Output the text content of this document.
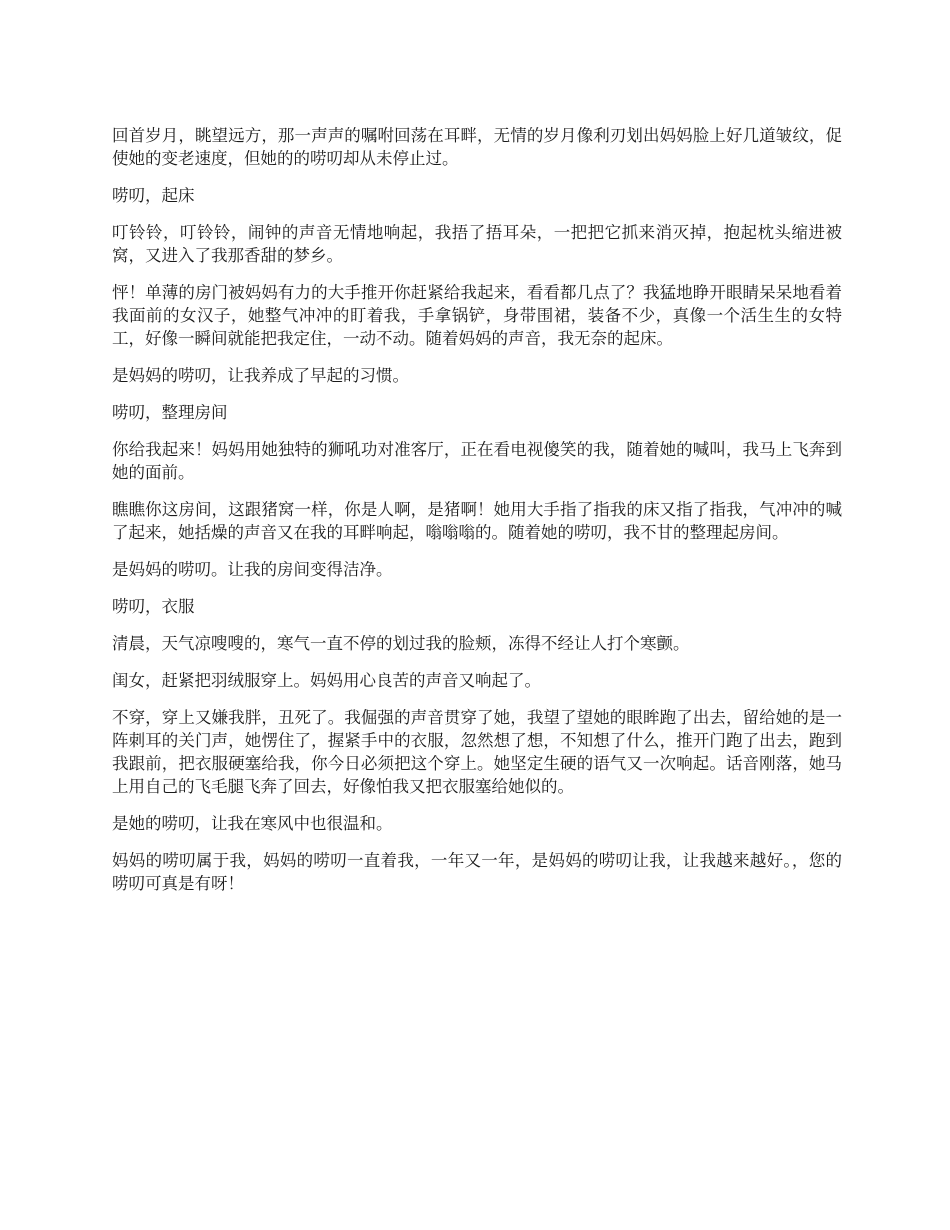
回首岁月，眺望远方，那一声声的嘱咐回荡在耳畔，无情的岁月像利刃划出妈妈脸上好几道皱纹，促使她的变老速度，但她的的唠叨却从未停止过。

唠叨，起床

叮铃铃，叮铃铃，闹钟的声音无情地响起，我捂了捂耳朵，一把把它抓来消灭掉，抱起枕头缩进被窝，又进入了我那香甜的梦乡。

怦！单薄的房门被妈妈有力的大手推开你赶紧给我起来，看看都几点了？我猛地睁开眼睛呆呆地看着我面前的女汉子，她整气冲冲的盯着我，手拿锅铲，身带围裙，装备不少，真像一个活生生的女特工，好像一瞬间就能把我定住，一动不动。随着妈妈的声音，我无奈的起床。

是妈妈的唠叨，让我养成了早起的习惯。

唠叨，整理房间

你给我起来！妈妈用她独特的狮吼功对准客厅，正在看电视傻笑的我，随着她的喊叫，我马上飞奔到她的面前。

瞧瞧你这房间，这跟猪窝一样，你是人啊，是猪啊！她用大手指了指我的床又指了指我，气冲冲的喊了起来，她括燥的声音又在我的耳畔响起，嗡嗡嗡的。随着她的唠叨，我不甘的整理起房间。

是妈妈的唠叨。让我的房间变得洁净。

唠叨，衣服

清晨，天气凉嗖嗖的，寒气一直不停的划过我的脸颊，冻得不经让人打个寒颤。

闺女，赶紧把羽绒服穿上。妈妈用心良苦的声音又响起了。

不穿，穿上又嫌我胖，丑死了。我倔强的声音贯穿了她，我望了望她的眼眸跑了出去，留给她的是一阵刺耳的关门声，她愣住了，握紧手中的衣服，忽然想了想，不知想了什么，推开门跑了出去，跑到我跟前，把衣服硬塞给我，你今日必须把这个穿上。她坚定生硬的语气又一次响起。话音刚落，她马上用自己的飞毛腿飞奔了回去，好像怕我又把衣服塞给她似的。

是她的唠叨，让我在寒风中也很温和。

妈妈的唠叨属于我，妈妈的唠叨一直着我，一年又一年，是妈妈的唠叨让我，让我越来越好。，您的唠叨可真是有呀！
